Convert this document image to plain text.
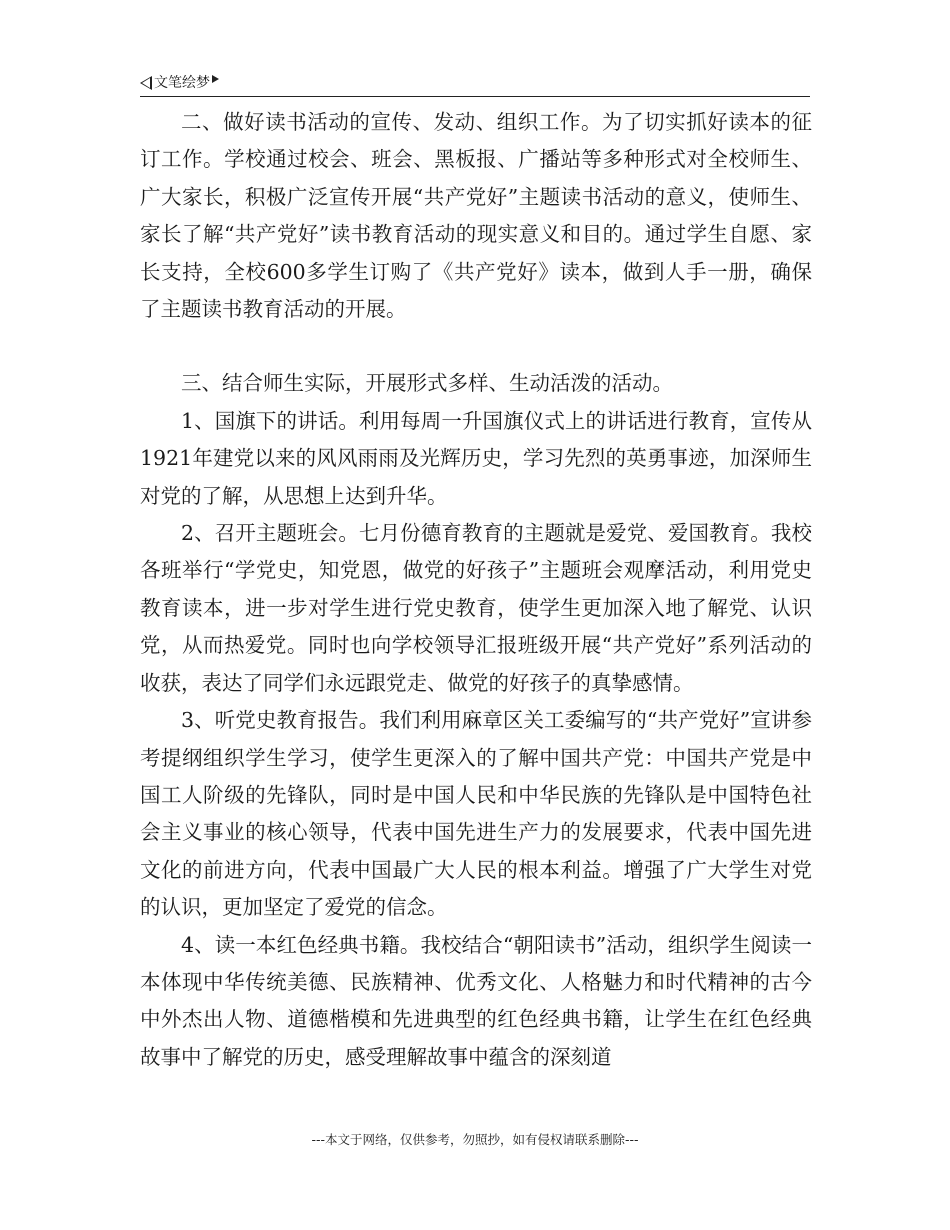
文笔绘梦

二、做好读书活动的宣传、发动、组织工作。为了切实抓好读本的征订工作。学校通过校会、班会、黑板报、广播站等多种形式对全校师生、广大家长，积极广泛宣传开展“共产党好”主题读书活动的意义，使师生、家长了解“共产党好”读书教育活动的现实意义和目的。通过学生自愿、家长支持，全校600多学生订购了《共产党好》读本，做到人手一册，确保了主题读书教育活动的开展。

三、结合师生实际，开展形式多样、生动活泼的活动。

1、国旗下的讲话。利用每周一升国旗仪式上的讲话进行教育，宣传从1921年建党以来的风风雨雨及光辉历史，学习先烈的英勇事迹，加深师生对党的了解，从思想上达到升华。

2、召开主题班会。七月份德育教育的主题就是爱党、爱国教育。我校各班举行“学党史，知党恩，做党的好孩子”主题班会观摩活动，利用党史教育读本，进一步对学生进行党史教育，使学生更加深入地了解党、认识党，从而热爱党。同时也向学校领导汇报班级开展“共产党好”系列活动的收获，表达了同学们永远跟党走、做党的好孩子的真挚感情。

3、听党史教育报告。我们利用麻章区关工委编写的“共产党好”宣讲参考提纲组织学生学习，使学生更深入的了解中国共产党：中国共产党是中国工人阶级的先锋队，同时是中国人民和中华民族的先锋队是中国特色社会主义事业的核心领导，代表中国先进生产力的发展要求，代表中国先进文化的前进方向，代表中国最广大人民的根本利益。增强了广大学生对党的认识，更加坚定了爱党的信念。

4、读一本红色经典书籍。我校结合“朝阳读书”活动，组织学生阅读一本体现中华传统美德、民族精神、优秀文化、人格魅力和时代精神的古今中外杰出人物、道德楷模和先进典型的红色经典书籍，让学生在红色经典故事中了解党的历史，感受理解故事中蕴含的深刻道

---本文于网络，仅供参考，勿照抄，如有侵权请联系删除---
